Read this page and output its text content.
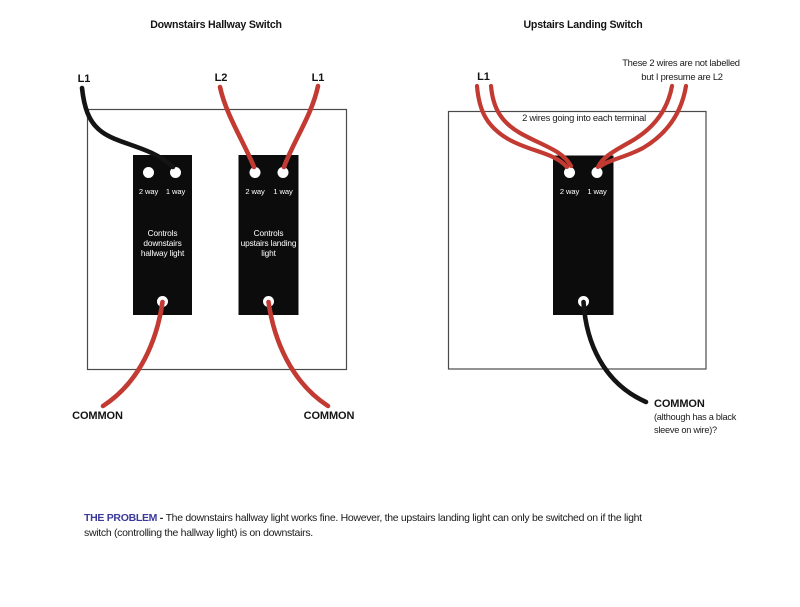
Downstairs Hallway Switch
L1	L2	L1
2 way 1 way	2 way 1 way
Controls
downstairs
hallway light
Controls
upstairs landing
light
COMMON	COMMON
Upstairs Landing Switch
These 2 wires are not labelled
but I presume are L2
L1
2 wires going into each terminal
2 way 1 way
COMMON
(although has a black
sleeve on wire)?
THE PROBLEM - The downstairs hallway light works fine. However, the upstairs landing light can only be switched on if the light
switch (controlling the hallway light) is on downstairs.
